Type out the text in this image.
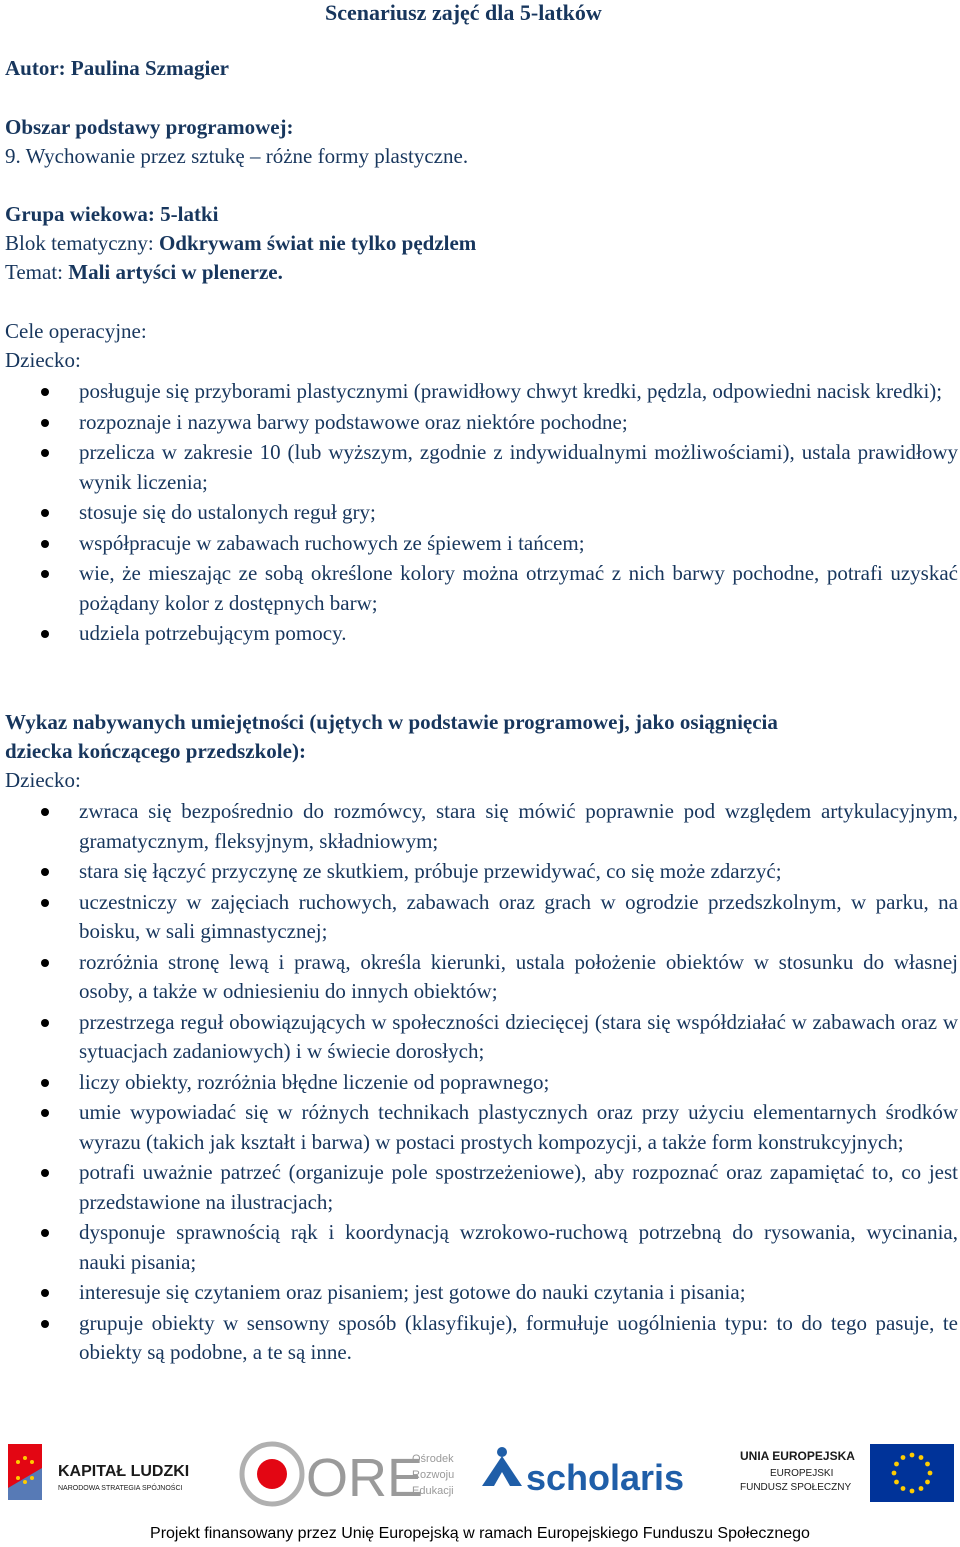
Scenariusz zajęć dla 5-latków
Autor: Paulina Szmagier
Obszar podstawy programowej:
9. Wychowanie przez sztukę – różne formy plastyczne.
Grupa wiekowa: 5-latki
Blok tematyczny: Odkrywam świat nie tylko pędzlem
Temat: Mali artyści w plenerze.
Cele operacyjne:
Dziecko:
posługuje się przyborami plastycznymi (prawidłowy chwyt kredki, pędzla, odpowiedni nacisk kredki);
rozpoznaje i nazywa barwy podstawowe oraz niektóre pochodne;
przelicza w zakresie 10 (lub wyższym, zgodnie z indywidualnymi możliwościami), ustala prawidłowy wynik liczenia;
stosuje się do ustalonych reguł gry;
współpracuje w zabawach ruchowych ze śpiewem i tańcem;
wie, że mieszając ze sobą określone kolory można otrzymać z nich barwy pochodne, potrafi uzyskać pożądany kolor z dostępnych barw;
udziela potrzebującym pomocy.
Wykaz nabywanych umiejętności (ujętych w podstawie programowej, jako osiągnięcia
dziecka kończącego przedszkole):
Dziecko:
zwraca się bezpośrednio do rozmówcy, stara się mówić poprawnie pod względem artykulacyjnym, gramatycznym, fleksyjnym, składniowym;
stara się łączyć przyczynę ze skutkiem, próbuje przewidywać, co się może zdarzyć;
uczestniczy w zajęciach ruchowych, zabawach oraz grach w ogrodzie przedszkolnym, w parku, na boisku, w sali gimnastycznej;
rozróżnia stronę lewą i prawą, określa kierunki, ustala położenie obiektów w stosunku do własnej osoby, a także w odniesieniu do innych obiektów;
przestrzega reguł obowiązujących w społeczności dziecięcej (stara się współdziałać w zabawach oraz w sytuacjach zadaniowych) i w świecie dorosłych;
liczy obiekty, rozróżnia błędne liczenie od poprawnego;
umie wypowiadać się w różnych technikach plastycznych oraz przy użyciu elementarnych środków wyrazu (takich jak kształt i barwa) w postaci prostych kompozycji, a także form konstrukcyjnych;
potrafi uważnie patrzeć (organizuje pole spostrzeżeniowe), aby rozpoznać oraz zapamiętać to, co jest przedstawione na ilustracjach;
dysponuje sprawnością rąk i koordynacją wzrokowo-ruchową potrzebną do rysowania, wycinania, nauki pisania;
interesuje się czytaniem oraz pisaniem; jest gotowe do nauki czytania i pisania;
grupuje obiekty w sensowny sposób (klasyfikuje), formułuje uogólnienia typu: to do tego pasuje, te obiekty są podobne, a te są inne.
KAPITAŁ LUDZKI
NARODOWA STRATEGIA SPÓJNOŚCI ORE
Ośrodek
Rozwoju
Edukacji scholaris
UNIA EUROPEJSKA
EUROPEJSKI
FUNDUSZ SPOŁECZNY
Projekt finansowany przez Unię Europejską w ramach Europejskiego Funduszu Społecznego
